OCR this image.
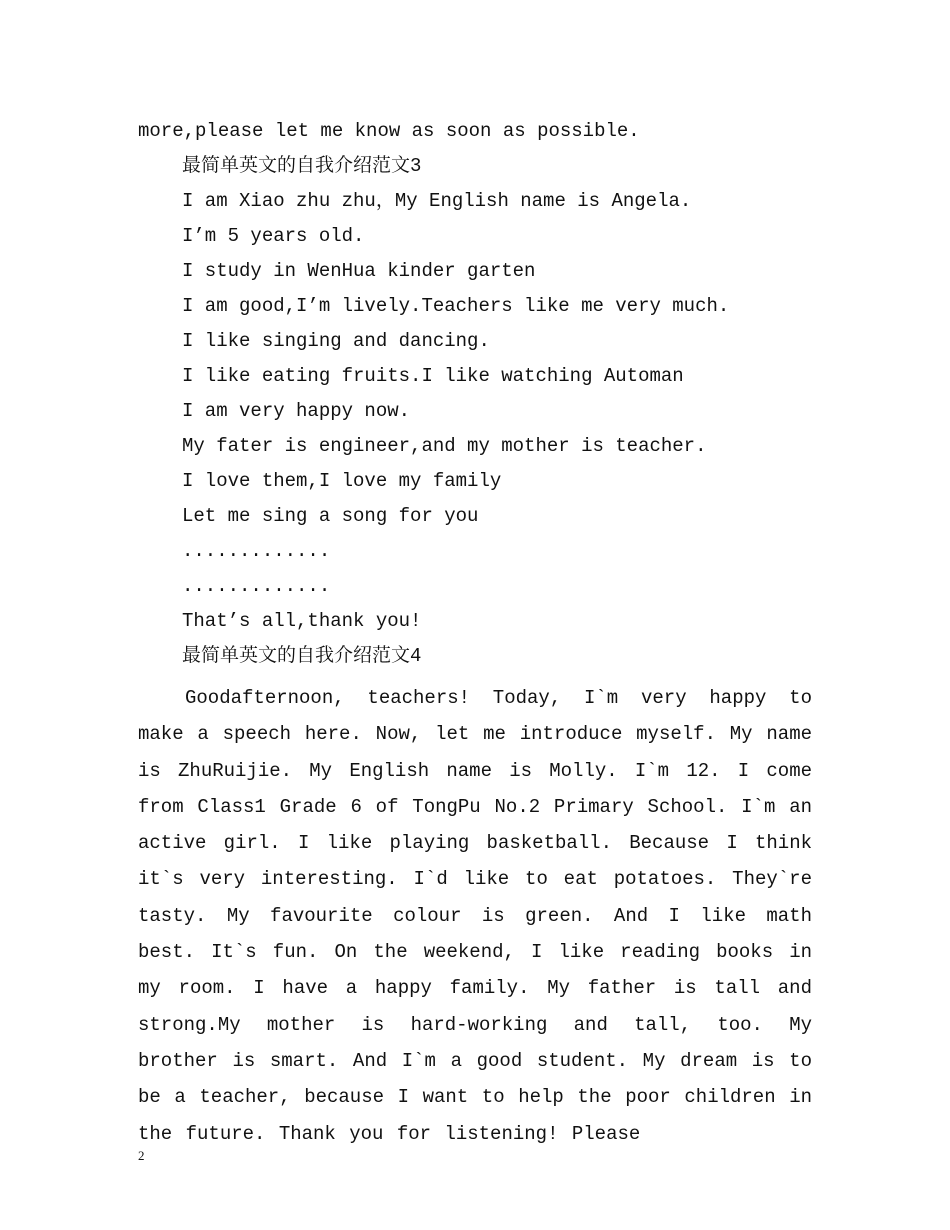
more,please let me know as soon as possible.
最简单英文的自我介绍范文3
I am Xiao zhu zhu，My English name is Angela.
I’m 5 years old.
I study in WenHua kinder garten
I am good,I’m lively.Teachers like me very much.
I like singing and dancing.
I like eating fruits.I like watching Automan
I am very happy now.
My fater is engineer,and my mother is teacher.
I love them,I love my family
Let me sing a song for you
.............
.............
That’s all,thank you!
最简单英文的自我介绍范文4
Goodafternoon, teachers! Today, I`m very happy to make a speech here. Now, let me introduce myself. My name is ZhuRuijie. My English name is Molly. I`m 12. I come from Class1 Grade 6 of TongPu No.2 Primary School. I`m an active girl. I like playing basketball. Because I think it`s very interesting. I`d like to eat potatoes. They`re tasty. My favourite colour is green. And I like math best. It`s fun. On the weekend, I like reading books in my room. I have a happy family. My father is tall and strong.My mother is hard-working and tall, too. My brother is smart. And I`m a good student. My dream is to be a teacher, because I want to help the poor children in the future. Thank you for listening! Please
2
